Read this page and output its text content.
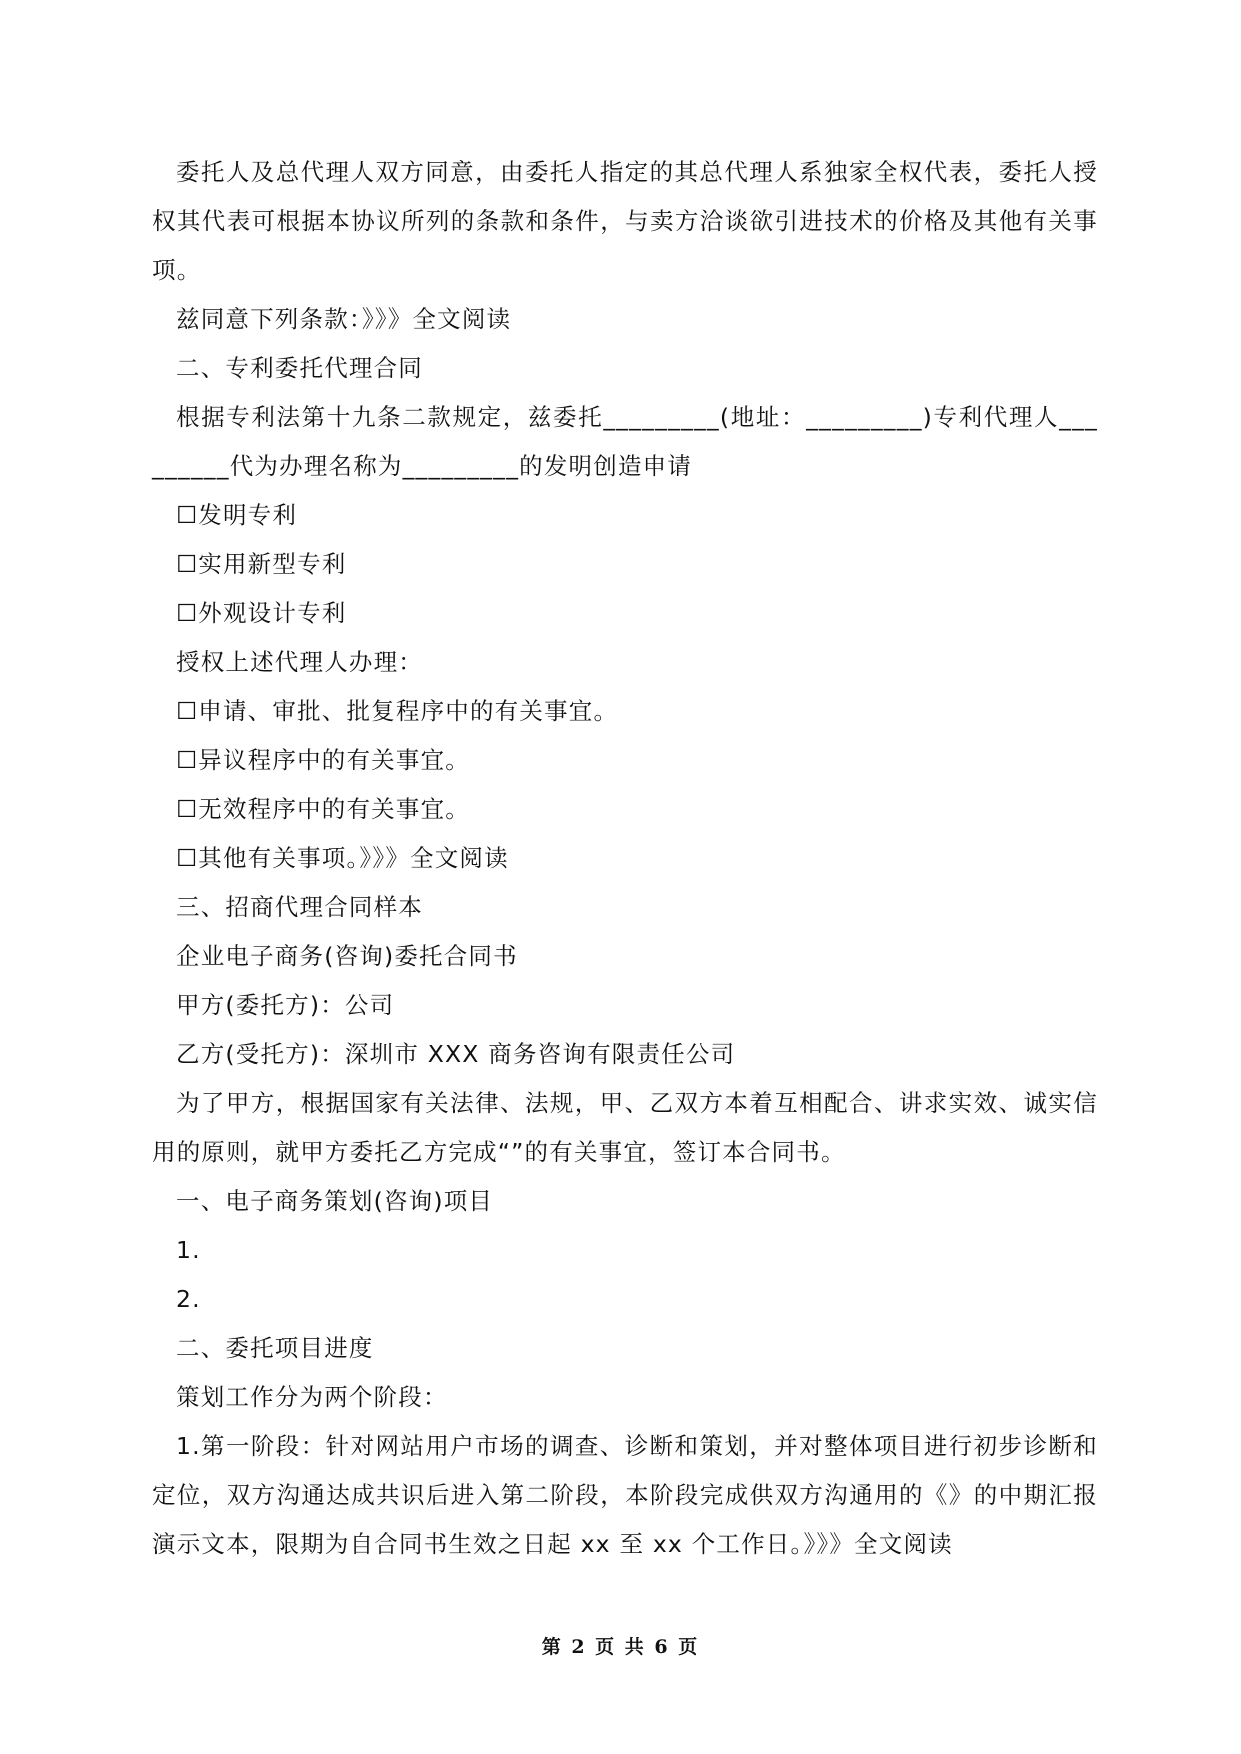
委托人及总代理人双方同意，由委托人指定的其总代理人系独家全权代表，委托人授权其代表可根据本协议所列的条款和条件，与卖方洽谈欲引进技术的价格及其他有关事项。

兹同意下列条款：》》》全文阅读

二、专利委托代理合同

根据专利法第十九条二款规定，兹委托_________(地址：_________)专利代理人_________代为办理名称为_________的发明创造申请

☐发明专利

☐实用新型专利

☐外观设计专利

授权上述代理人办理：

☐申请、审批、批复程序中的有关事宜。

☐异议程序中的有关事宜。

☐无效程序中的有关事宜。

☐其他有关事项。》》》全文阅读

三、招商代理合同样本

企业电子商务(咨询)委托合同书

甲方(委托方)：公司

乙方(受托方)：深圳市 XXX 商务咨询有限责任公司

为了甲方，根据国家有关法律、法规，甲、乙双方本着互相配合、讲求实效、诚实信用的原则，就甲方委托乙方完成“”的有关事宜，签订本合同书。

一、电子商务策划(咨询)项目

1.

2.

二、委托项目进度

策划工作分为两个阶段：

1.第一阶段：针对网站用户市场的调查、诊断和策划，并对整体项目进行初步诊断和定位，双方沟通达成共识后进入第二阶段，本阶段完成供双方沟通用的《》的中期汇报演示文本，限期为自合同书生效之日起 xx 至 xx 个工作日。》》》全文阅读

第 2 页 共 6 页
